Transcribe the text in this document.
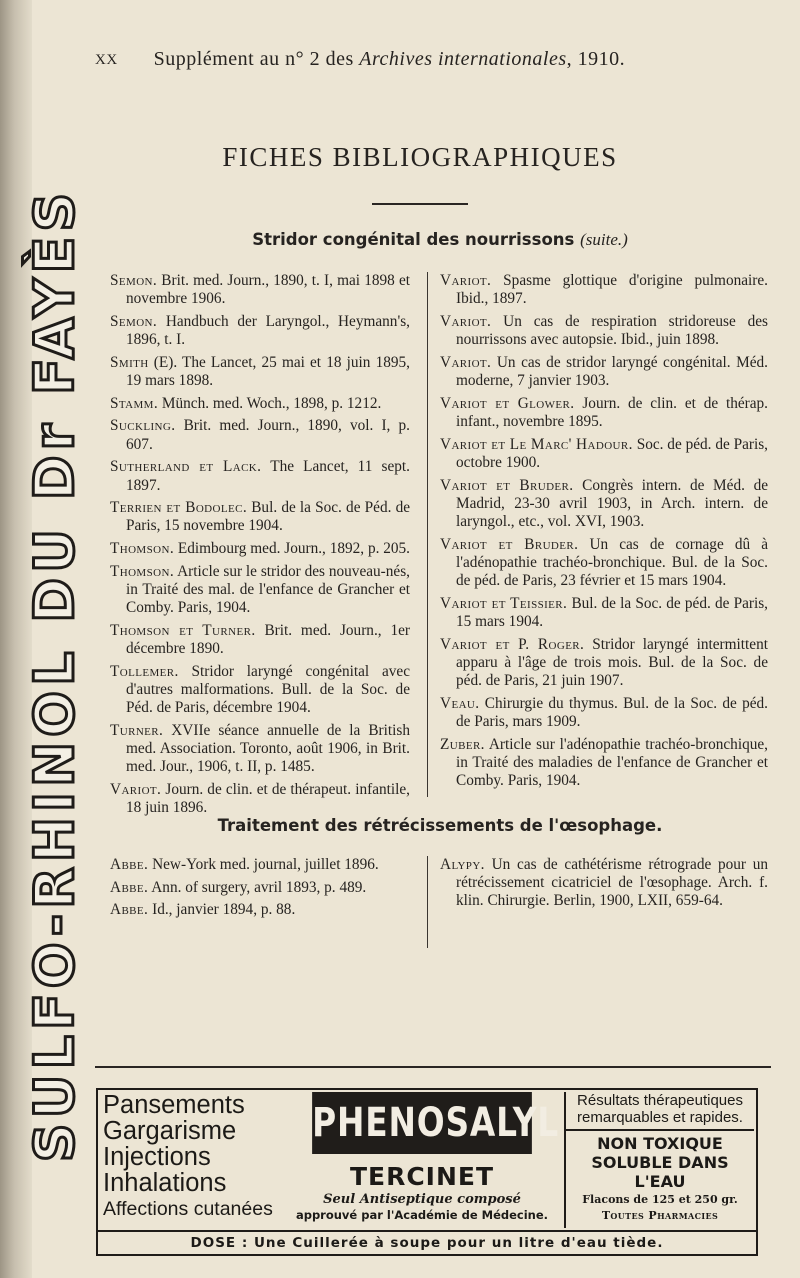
SULFO-RHINOL DU Dr FAYÈS
XX Supplément au n° 2 des Archives internationales, 1910.
FICHES BIBLIOGRAPHIQUES
Stridor congénital des nourrissons (suite.)

Semon. Brit. med. Journ., 1890, t. I, mai 1898 et novembre 1906.

Semon. Handbuch der Laryngol., Heymann's, 1896, t. I.

Smith (E). The Lancet, 25 mai et 18 juin 1895, 19 mars 1898.

Stamm. Münch. med. Woch., 1898, p. 1212.

Suckling. Brit. med. Journ., 1890, vol. I, p. 607.

Sutherland et Lack. The Lancet, 11 sept. 1897.

Terrien et Bodolec. Bul. de la Soc. de Péd. de Paris, 15 novembre 1904.

Thomson. Edimbourg med. Journ., 1892, p. 205.

Thomson. Article sur le stridor des nouveau-nés, in Traité des mal. de l'enfance de Grancher et Comby. Paris, 1904.

Thomson et Turner. Brit. med. Journ., 1er décembre 1890.

Tollemer. Stridor laryngé congénital avec d'autres malformations. Bull. de la Soc. de Péd. de Paris, décembre 1904.

Turner. XVIIe séance annuelle de la British med. Association. Toronto, août 1906, in Brit. med. Jour., 1906, t. II, p. 1485.

Variot. Journ. de clin. et de thérapeut. infantile, 18 juin 1896.

Variot. Spasme glottique d'origine pulmonaire. Ibid., 1897.

Variot. Un cas de respiration stridoreuse des nourrissons avec autopsie. Ibid., juin 1898.

Variot. Un cas de stridor laryngé congénital. Méd. moderne, 7 janvier 1903.

Variot et Glower. Journ. de clin. et de thérap. infant., novembre 1895.

Variot et Le Marc' Hadour. Soc. de péd. de Paris, octobre 1900.

Variot et Bruder. Congrès intern. de Méd. de Madrid, 23-30 avril 1903, in Arch. intern. de laryngol., etc., vol. XVI, 1903.

Variot et Bruder. Un cas de cornage dû à l'adénopathie trachéo-bronchique. Bul. de la Soc. de péd. de Paris, 23 février et 15 mars 1904.

Variot et Teissier. Bul. de la Soc. de péd. de Paris, 15 mars 1904.

Variot et P. Roger. Stridor laryngé intermittent apparu à l'âge de trois mois. Bul. de la Soc. de péd. de Paris, 21 juin 1907.

Veau. Chirurgie du thymus. Bul. de la Soc. de péd. de Paris, mars 1909.

Zuber. Article sur l'adénopathie trachéo-bronchique, in Traité des maladies de l'enfance de Grancher et Comby. Paris, 1904.

Traitement des rétrécissements de l'œsophage.

Abbe. New-York med. journal, juillet 1896.

Abbe. Ann. of surgery, avril 1893, p. 489.

Abbe. Id., janvier 1894, p. 88.

Alypy. Un cas de cathétérisme rétrograde pour un rétrécissement cicatriciel de l'œsophage. Arch. f. klin. Chirurgie. Berlin, 1900, LXII, 659-64.

Pansements
Gargarisme
Injections
Inhalations
Affections cutanées
PHENOSALYL
TERCINET
Seul Antiseptique composé
approuvé par l'Académie de Médecine.
Résultats thérapeutiques remarquables et rapides.
NON TOXIQUE SOLUBLE DANS L'EAU
Flacons de 125 et 250 gr.
Toutes Pharmacies
DOSE : Une Cuillerée à soupe pour un litre d'eau tiède.
